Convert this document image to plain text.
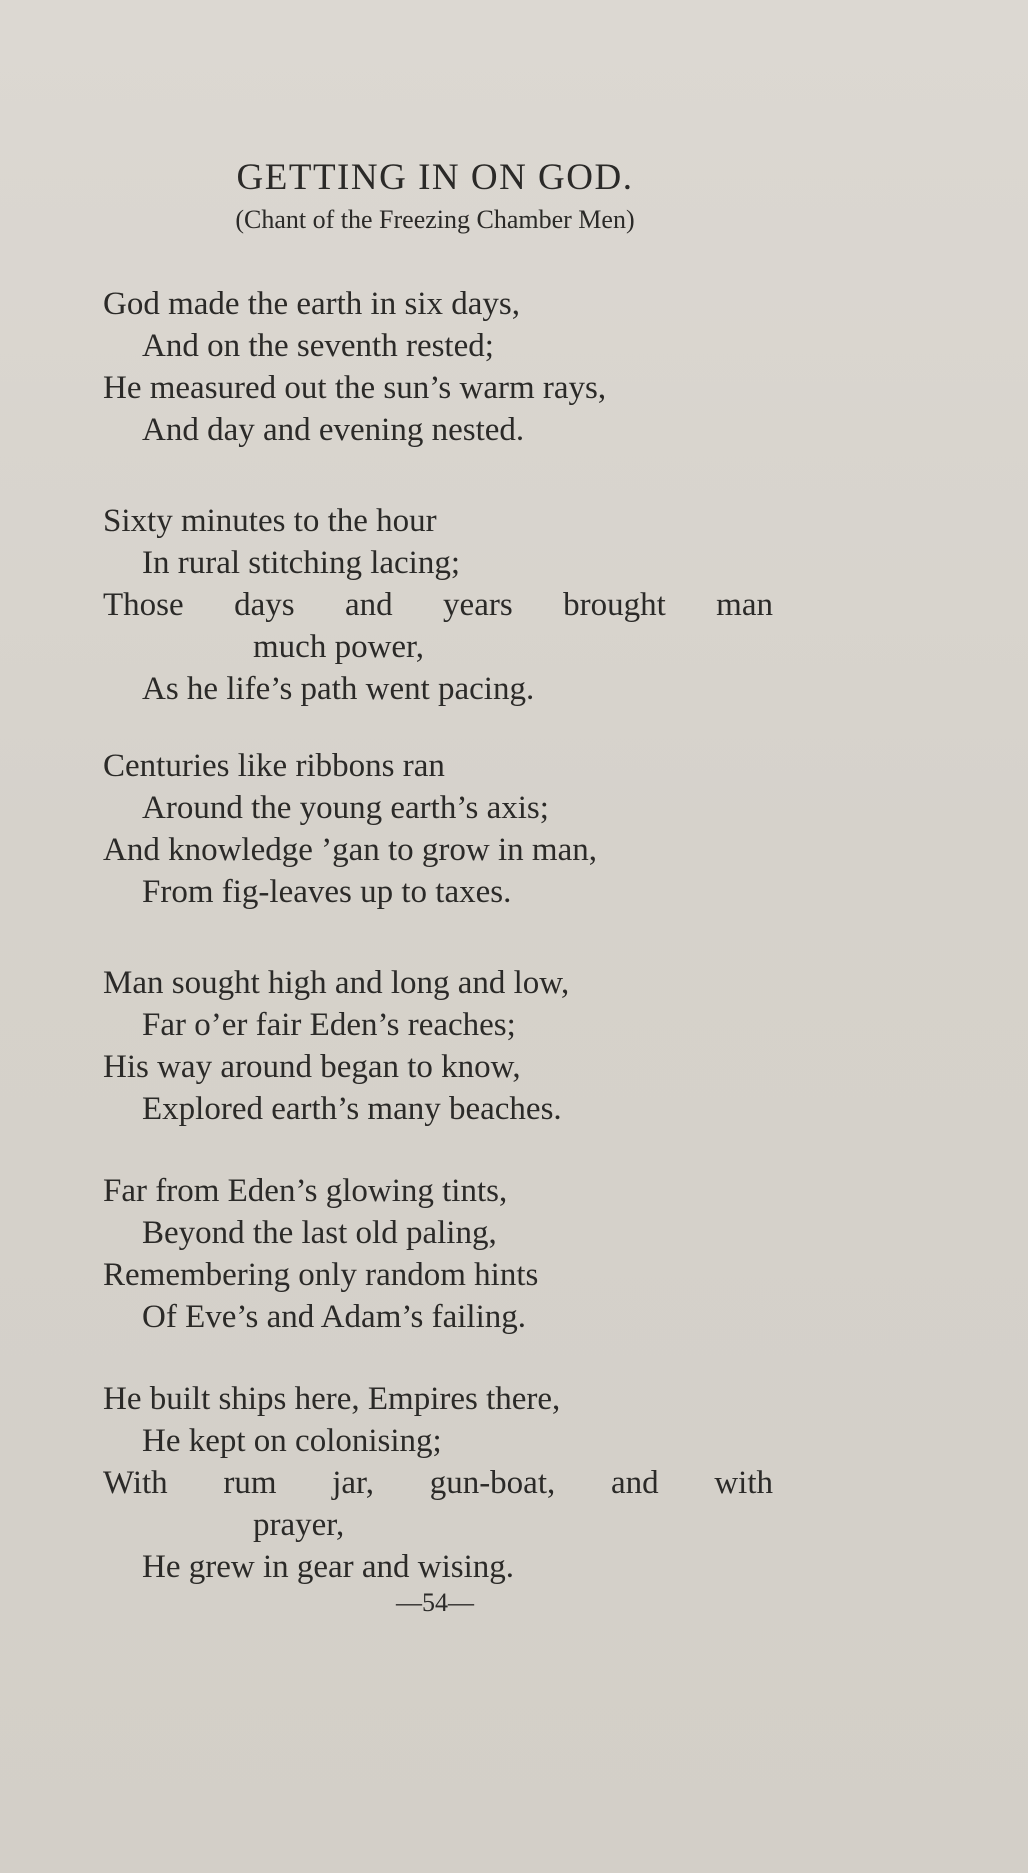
GETTING IN ON GOD.
(Chant of the Freezing Chamber Men)
God made the earth in six days,
And on the seventh rested;
He measured out the sun’s warm rays,
And day and evening nested.
Sixty minutes to the hour
In rural stitching lacing;
Those days and years brought man
much power,
As he life’s path went pacing.
Centuries like ribbons ran
Around the young earth’s axis;
And knowledge ’gan to grow in man,
From fig-leaves up to taxes.
Man sought high and long and low,
Far o’er fair Eden’s reaches;
His way around began to know,
Explored earth’s many beaches.
Far from Eden’s glowing tints,
Beyond the last old paling,
Remembering only random hints
Of Eve’s and Adam’s failing.
He built ships here, Empires there,
He kept on colonising;
With rum jar, gun-boat, and with
prayer,
He grew in gear and wising.
—54—
